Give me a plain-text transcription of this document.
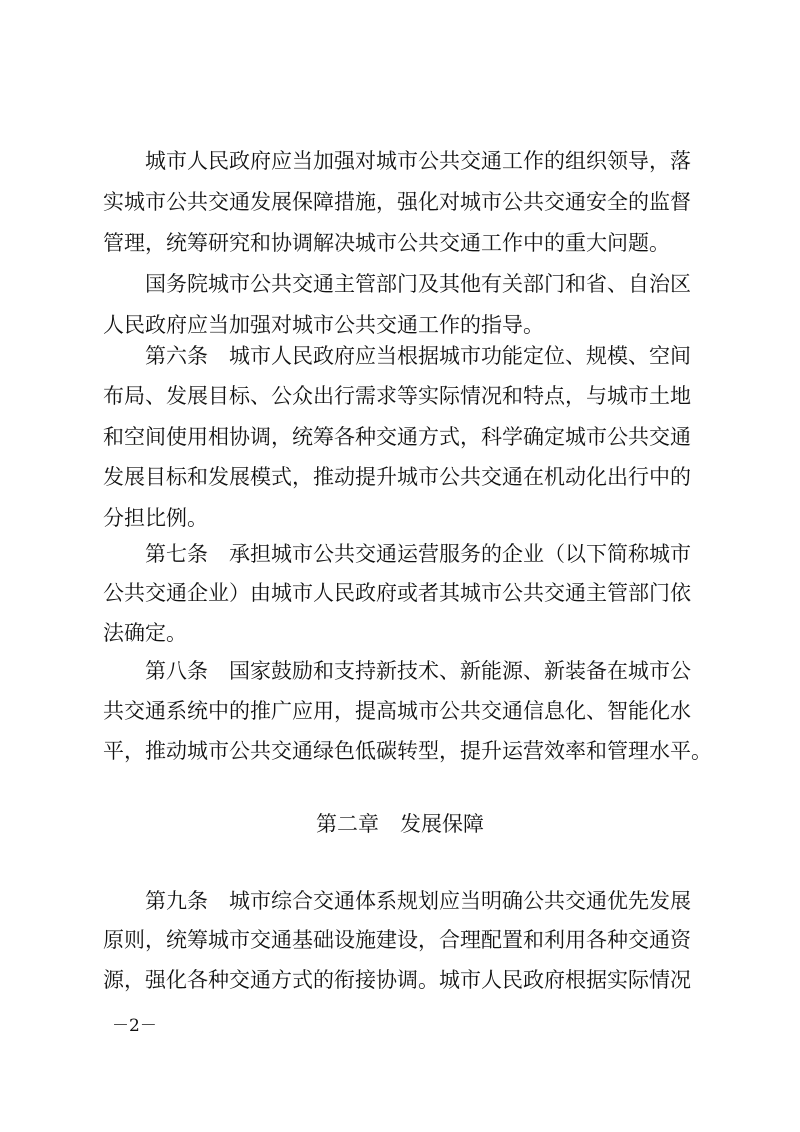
　　城市人民政府应当加强对城市公共交通工作的组织领导，落
实城市公共交通发展保障措施，强化对城市公共交通安全的监督
管理，统筹研究和协调解决城市公共交通工作中的重大问题。
　　国务院城市公共交通主管部门及其他有关部门和省、自治区
人民政府应当加强对城市公共交通工作的指导。
　　第六条　城市人民政府应当根据城市功能定位、规模、空间
布局、发展目标、公众出行需求等实际情况和特点，与城市土地
和空间使用相协调，统筹各种交通方式，科学确定城市公共交通
发展目标和发展模式，推动提升城市公共交通在机动化出行中的
分担比例。
　　第七条　承担城市公共交通运营服务的企业（以下简称城市
公共交通企业）由城市人民政府或者其城市公共交通主管部门依
法确定。
　　第八条　国家鼓励和支持新技术、新能源、新装备在城市公
共交通系统中的推广应用，提高城市公共交通信息化、智能化水
平，推动城市公共交通绿色低碳转型，提升运营效率和管理水平。
第二章　发展保障
　　第九条　城市综合交通体系规划应当明确公共交通优先发展
原则，统筹城市交通基础设施建设，合理配置和利用各种交通资
源，强化各种交通方式的衔接协调。城市人民政府根据实际情况
－2－
